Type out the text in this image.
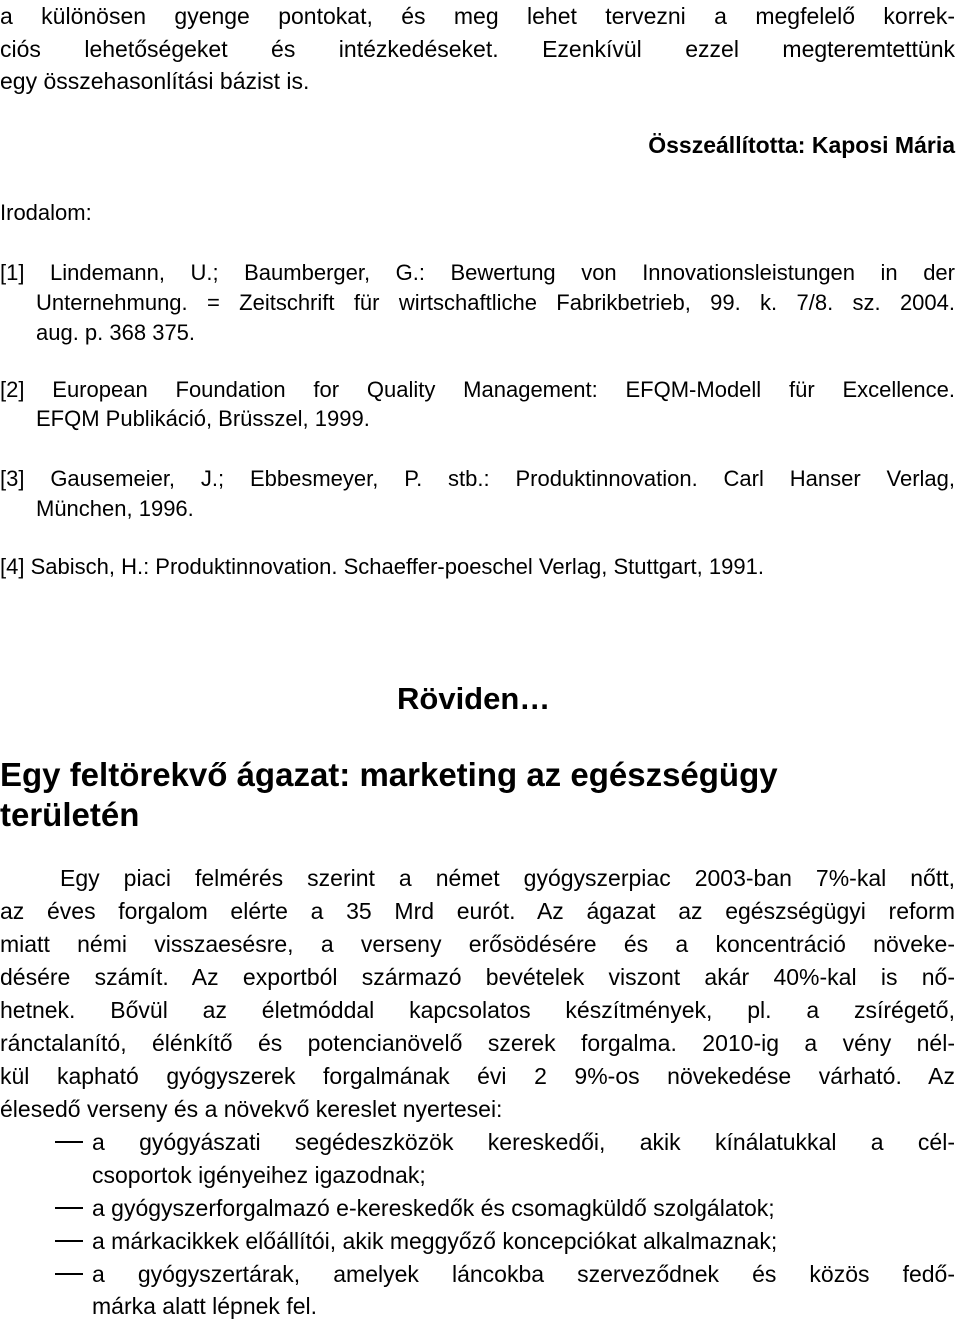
a különösen gyenge pontokat, és meg lehet tervezni a megfelelő korrek-
ciós lehetőségeket és intézkedéseket. Ezenkívül ezzel megteremtettünk
egy összehasonlítási bázist is.
Összeállította: Kaposi Mária
Irodalom:
[1] Lindemann, U.; Baumberger, G.: Bewertung von Innovationsleistungen in der
Unternehmung. = Zeitschrift für wirtschaftliche Fabrikbetrieb, 99. k. 7/8. sz. 2004.
aug. p. 368 375.
[2] European Foundation for Quality Management: EFQM-Modell für Excellence.
EFQM Publikáció, Brüsszel, 1999.
[3] Gausemeier, J.; Ebbesmeyer, P. stb.: Produktinnovation. Carl Hanser Verlag,
München, 1996.
[4] Sabisch, H.: Produktinnovation. Schaeffer-poeschel Verlag, Stuttgart, 1991.
Röviden…
Egy feltörekvő ágazat: marketing az egészségügy
területén
Egy piaci felmérés szerint a német gyógyszerpiac 2003-ban 7%-kal nőtt,
az éves forgalom elérte a 35 Mrd eurót. Az ágazat az egészségügyi reform
miatt némi visszaesésre, a verseny erősödésére és a koncentráció növeke-
désére számít. Az exportból származó bevételek viszont akár 40%-kal is nő-
hetnek. Bővül az életmóddal kapcsolatos készítmények, pl. a zsírégető,
ránctalanító, élénkítő és potencianövelő szerek forgalma. 2010-ig a vény nél-
kül kapható gyógyszerek forgalmának évi 2 9%-os növekedése várható. Az
élesedő verseny és a növekvő kereslet nyertesei:
a gyógyászati segédeszközök kereskedői, akik kínálatukkal a cél-
csoportok igényeihez igazodnak;
a gyógyszerforgalmazó e-kereskedők és csomagküldő szolgálatok;
a márkacikkek előállítói, akik meggyőző koncepciókat alkalmaznak;
a gyógyszertárak, amelyek láncokba szerveződnek és közös fedő-
márka alatt lépnek fel.
